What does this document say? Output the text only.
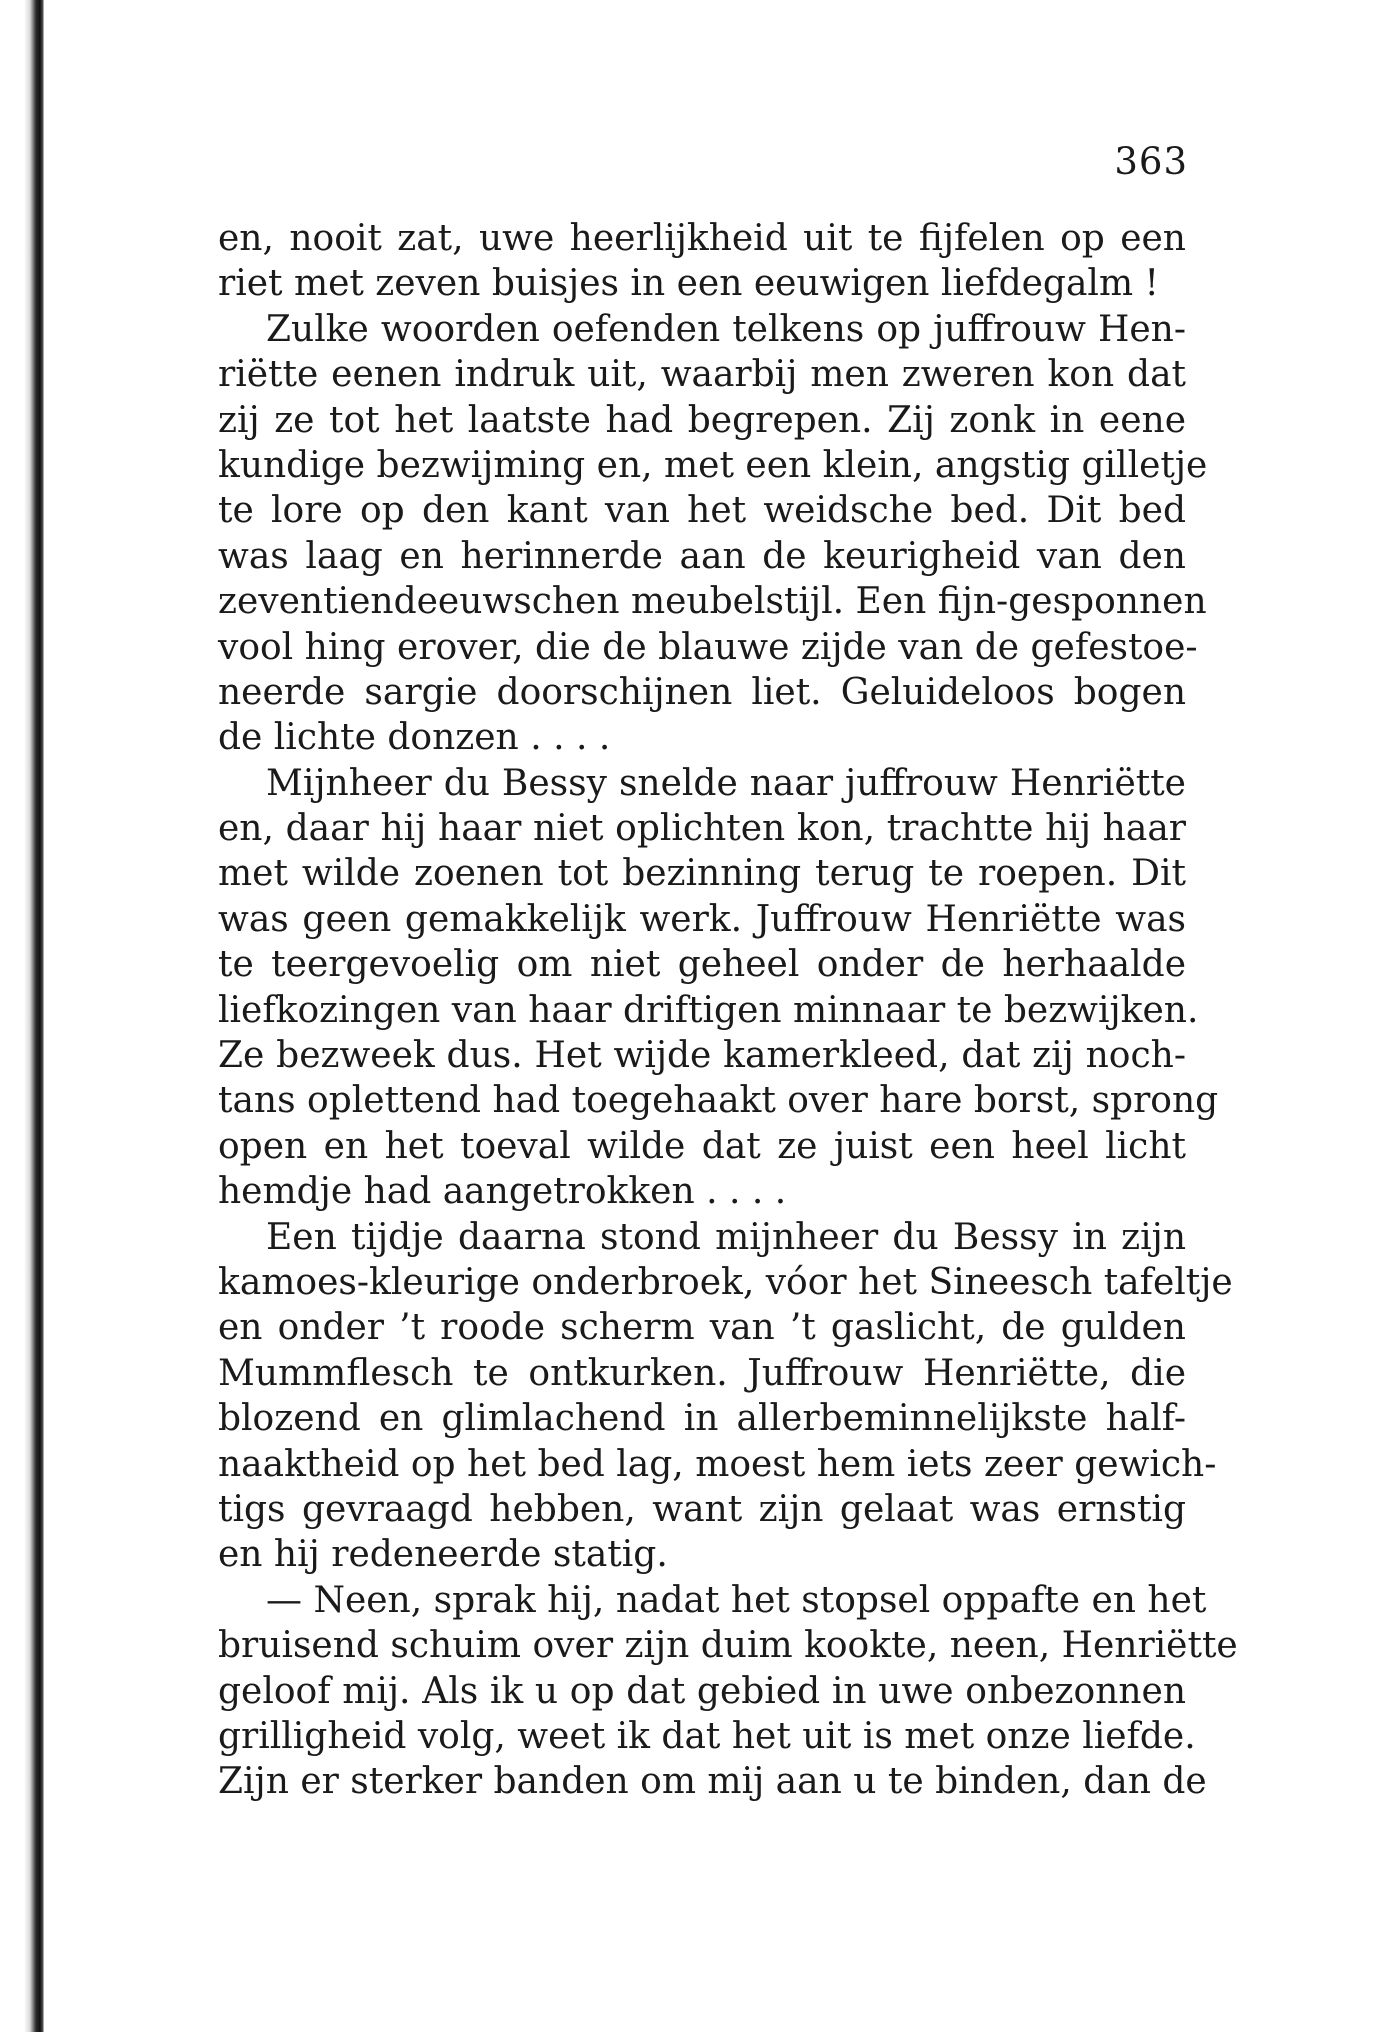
363
en, nooit zat, uwe heerlijkheid uit te fijfelen op een
riet met zeven buisjes in een eeuwigen liefdegalm !
Zulke woorden oefenden telkens op juffrouw Hen-
riëtte eenen indruk uit, waarbij men zweren kon dat
zij ze tot het laatste had begrepen. Zij zonk in eene
kundige bezwijming en, met een klein, angstig gilletje
te lore op den kant van het weidsche bed. Dit bed
was laag en herinnerde aan de keurigheid van den
zeventiendeeuwschen meubelstijl. Een fijn-gesponnen
vool hing erover, die de blauwe zijde van de gefestoe-
neerde sargie doorschijnen liet. Geluideloos bogen
de lichte donzen . . . .
Mijnheer du Bessy snelde naar juffrouw Henriëtte
en, daar hij haar niet oplichten kon, trachtte hij haar
met wilde zoenen tot bezinning terug te roepen. Dit
was geen gemakkelijk werk. Juffrouw Henriëtte was
te teergevoelig om niet geheel onder de herhaalde
liefkozingen van haar driftigen minnaar te bezwijken.
Ze bezweek dus. Het wijde kamerkleed, dat zij noch-
tans oplettend had toegehaakt over hare borst, sprong
open en het toeval wilde dat ze juist een heel licht
hemdje had aangetrokken . . . .
Een tijdje daarna stond mijnheer du Bessy in zijn
kamoes-kleurige onderbroek, vóor het Sineesch tafeltje
en onder ’t roode scherm van ’t gaslicht, de gulden
Mummflesch te ontkurken. Juffrouw Henriëtte, die
blozend en glimlachend in allerbeminnelijkste half-
naaktheid op het bed lag, moest hem iets zeer gewich-
tigs gevraagd hebben, want zijn gelaat was ernstig
en hij redeneerde statig.
— Neen, sprak hij, nadat het stopsel oppafte en het
bruisend schuim over zijn duim kookte, neen, Henriëtte
geloof mij. Als ik u op dat gebied in uwe onbezonnen
grilligheid volg, weet ik dat het uit is met onze liefde.
Zijn er sterker banden om mij aan u te binden, dan de
